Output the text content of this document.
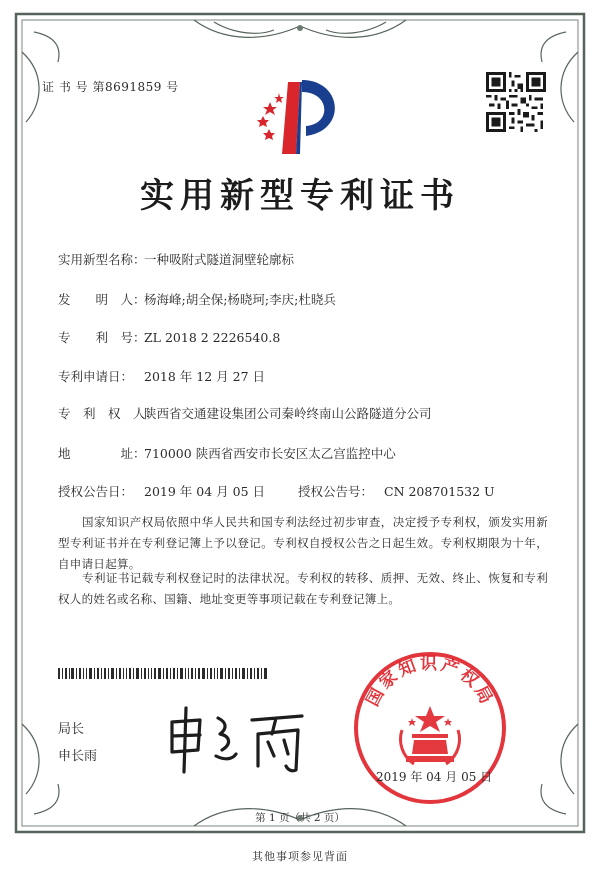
证 书 号 第8691859 号
实用新型专利证书
实用新型名称：一种吸附式隧道洞壁轮廓标
发　　明　人：杨海峰;胡全保;杨晓珂;李庆;杜晓兵
专　　利　号：ZL 2018 2 2226540.8
专利申请日： 2018 年 12 月 27 日
专　利　权　人：陕西省交通建设集团公司秦岭终南山公路隧道分公司
地　　　　址：710000 陕西省西安市长安区太乙宫监控中心
授权公告日： 2019 年 04 月 05 日	授权公告号： CN 208701532 U
国家知识产权局依照中华人民共和国专利法经过初步审查，决定授予专利权，颁发实用新型专利证书并在专利登记簿上予以登记。专利权自授权公告之日起生效。专利权期限为十年，自申请日起算。
专利证书记载专利权登记时的法律状况。专利权的转移、质押、无效、终止、恢复和专利权人的姓名或名称、国籍、地址变更等事项记载在专利登记簿上。
局长
申长雨
国家知识产权局
2019 年 04 月 05 日
第 1 页（共 2 页）
其他事项参见背面
